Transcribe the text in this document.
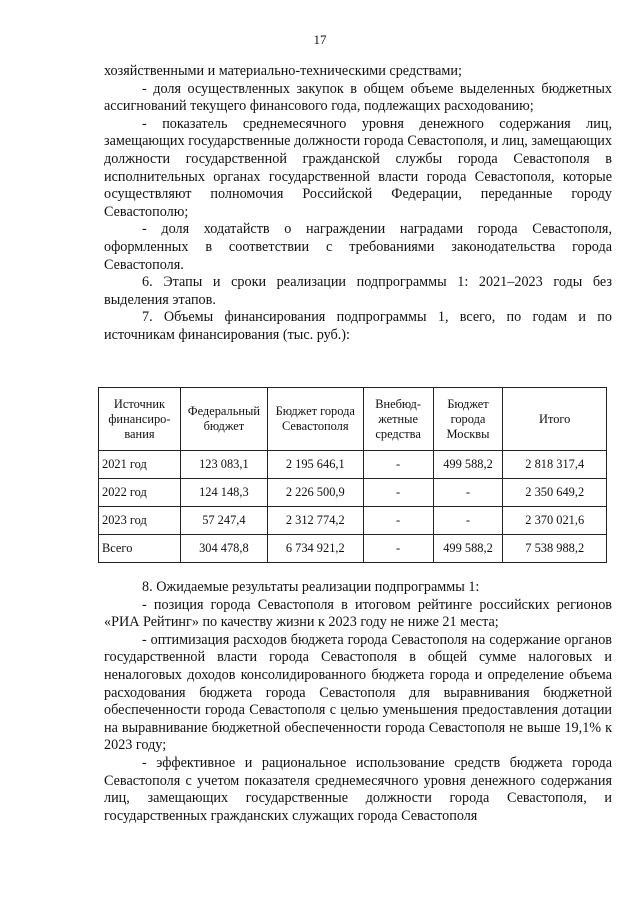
17

хозяйственными и материально-техническими средствами;

- доля осуществленных закупок в общем объеме выделенных бюджетных ассигнований текущего финансового года, подлежащих расходованию;

- показатель среднемесячного уровня денежного содержания лиц, замещающих государственные должности города Севастополя, и лиц, замещающих должности государственной гражданской службы города Севастополя в исполнительных органах государственной власти города Севастополя, которые осуществляют полномочия Российской Федерации, переданные городу Севастополю;

- доля ходатайств о награждении наградами города Севастополя, оформленных в соответствии с требованиями законодательства города Севастополя.

6. Этапы и сроки реализации подпрограммы 1: 2021–2023 годы без выделения этапов.

7. Объемы финансирования подпрограммы 1, всего, по годам и по источникам финансирования (тыс. руб.):

Источник финансиро-вания	Федеральный бюджет	Бюджет города Севастополя	Внебюд-жетные средства	Бюджет города Москвы	Итого
2021 год	123 083,1	2 195 646,1	-	499 588,2	2 818 317,4
2022 год	124 148,3	2 226 500,9	-	-	2 350 649,2
2023 год	57 247,4	2 312 774,2	-	-	2 370 021,6
Всего	304 478,8	6 734 921,2	-	499 588,2	7 538 988,2

8. Ожидаемые результаты реализации подпрограммы 1:

- позиция города Севастополя в итоговом рейтинге российских регионов «РИА Рейтинг» по качеству жизни к 2023 году не ниже 21 места;

- оптимизация расходов бюджета города Севастополя на содержание органов государственной власти города Севастополя в общей сумме налоговых и неналоговых доходов консолидированного бюджета города и определение объема расходования бюджета города Севастополя для выравнивания бюджетной обеспеченности города Севастополя с целью уменьшения предоставления дотации на выравнивание бюджетной обеспеченности города Севастополя не выше 19,1% к 2023 году;

- эффективное и рациональное использование средств бюджета города Севастополя с учетом показателя среднемесячного уровня денежного содержания лиц, замещающих государственные должности города Севастополя, и государственных гражданских служащих города Севастополя
